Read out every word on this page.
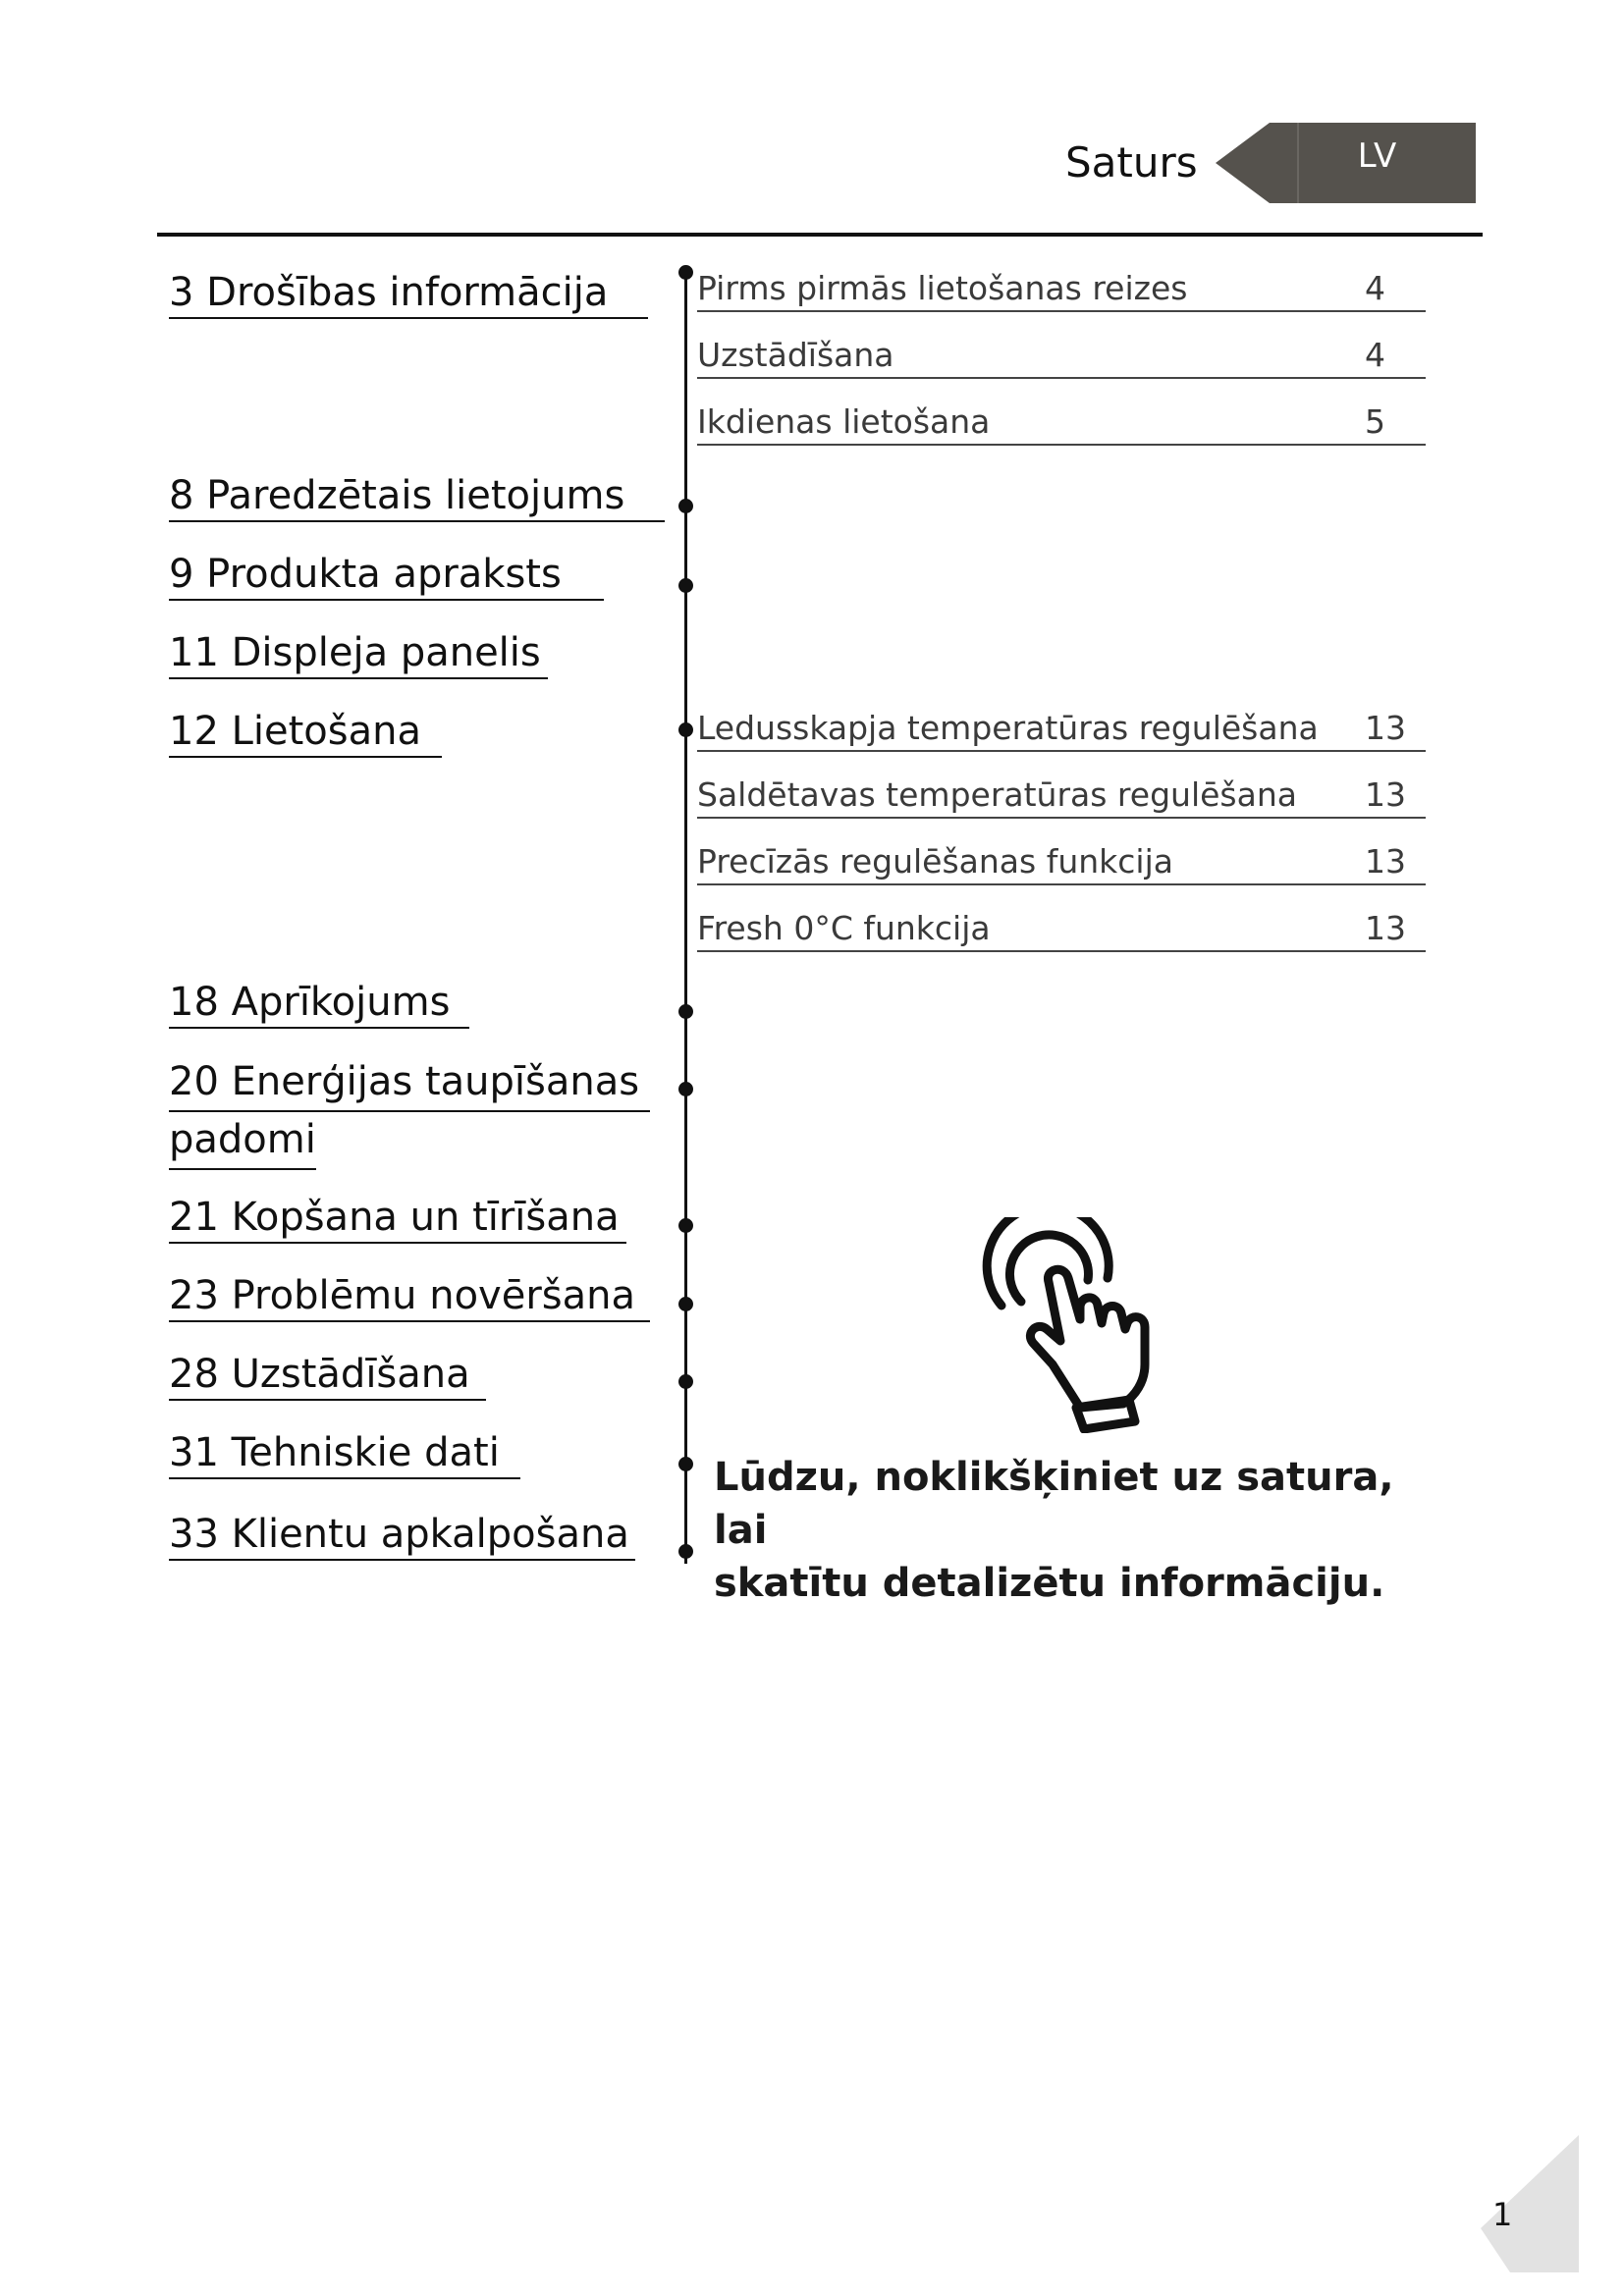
Saturs	LV
3 Drošības informācija
8 Paredzētais lietojums
9 Produkta apraksts
11 Displeja panelis
12 Lietošana
18 Aprīkojums
20 Enerģijas taupīšanas
padomi
21 Kopšana un tīrīšana
23 Problēmu novēršana
28 Uzstādīšana
31 Tehniskie dati
33 Klientu apkalpošana
Pirms pirmās lietošanas reizes	4
Uzstādīšana	4
Ikdienas lietošana	5
Ledusskapja temperatūras regulēšana	13
Saldētavas temperatūras regulēšana	13
Precīzās regulēšanas funkcija	13
Fresh 0°C funkcija	13
Lūdzu, noklikšķiniet uz satura, lai
skatītu detalizētu informāciju.
1
